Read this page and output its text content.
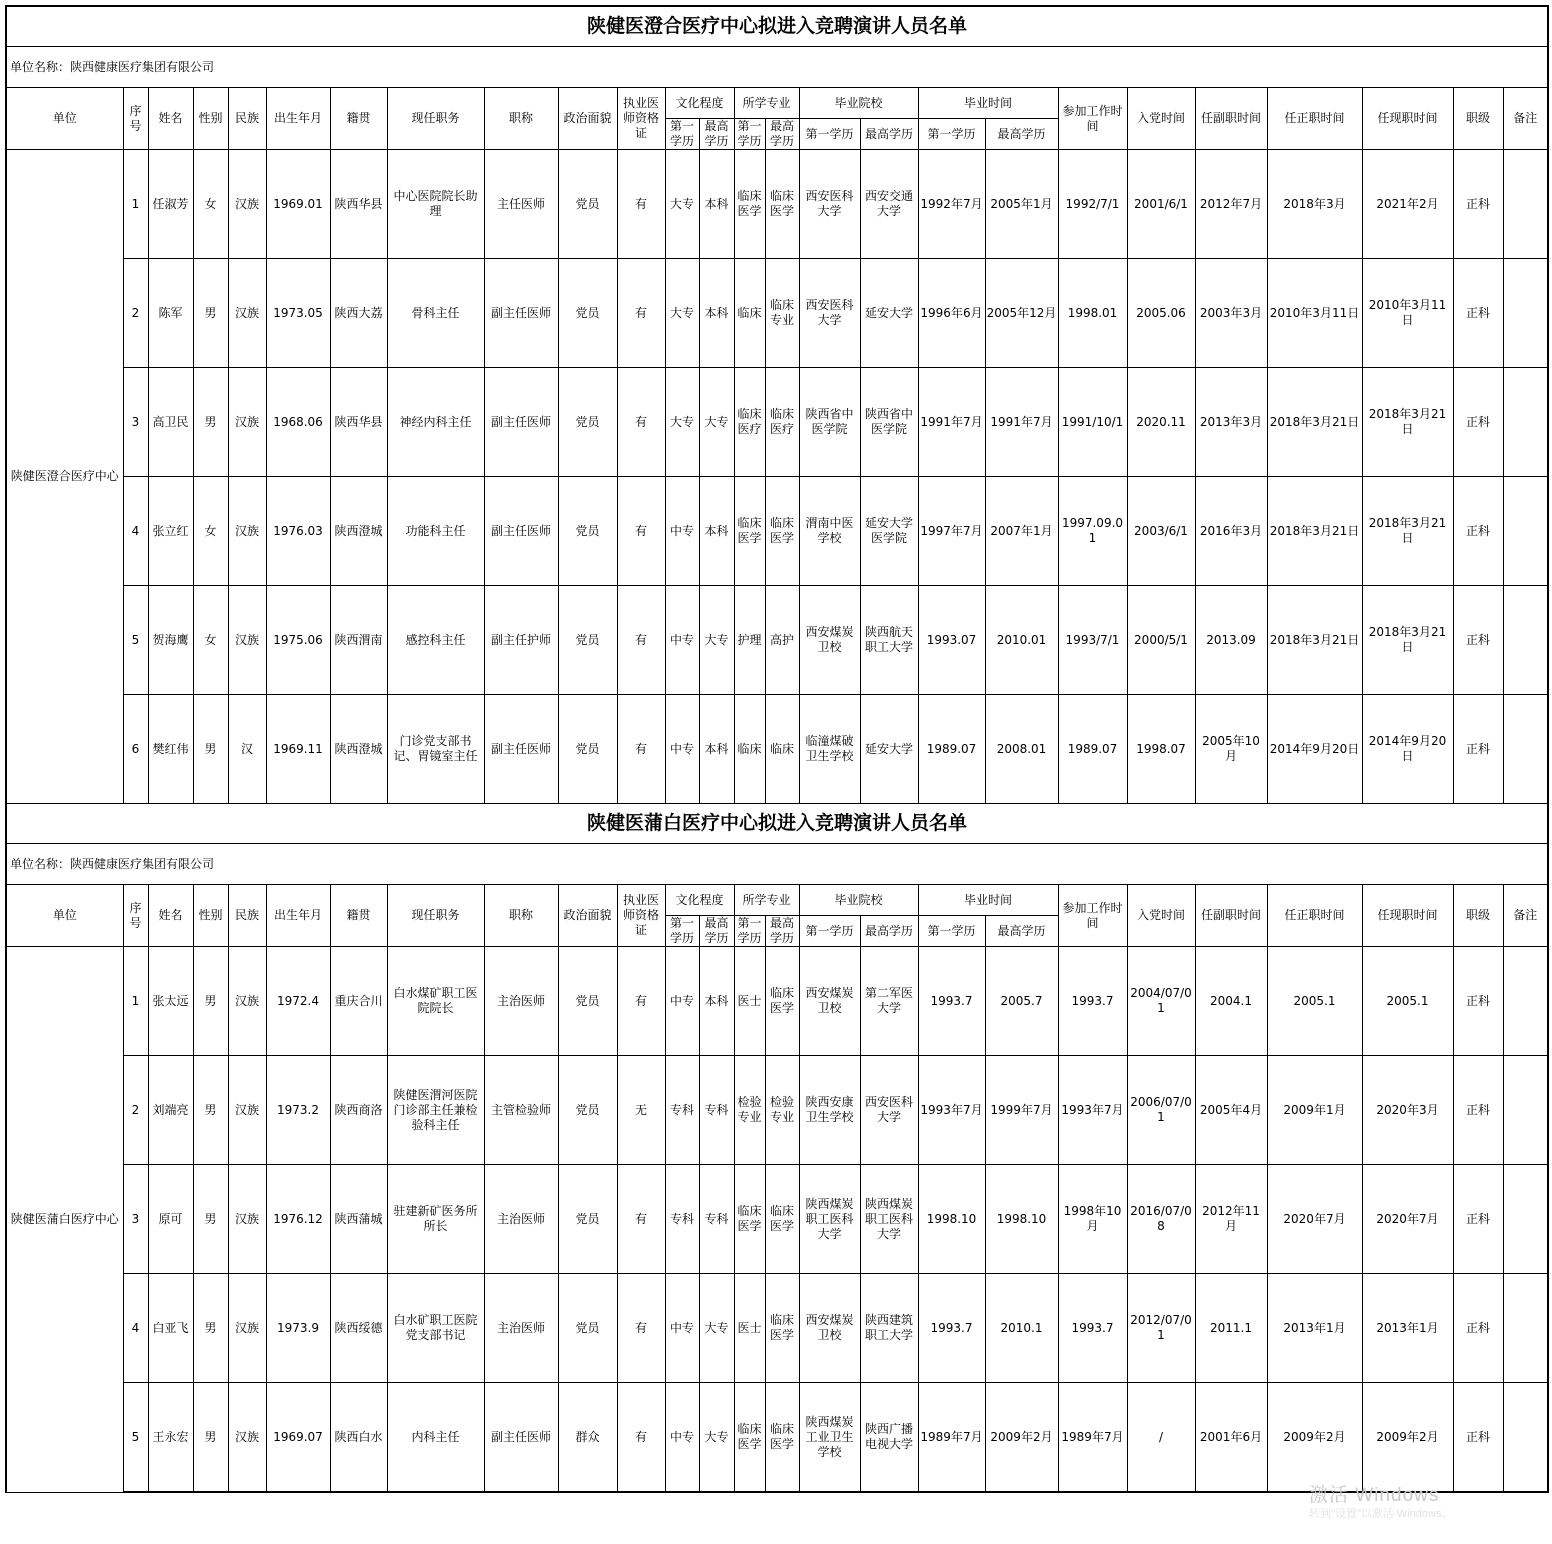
陕健医澄合医疗中心拟进入竞聘演讲人员名单																									
单位名称：陕西健康医疗集团有限公司																									
单位	序号	姓名	性别	民族	出生年月	籍贯	现任职务	职称	政治面貌	执业医师资格证	文化程度		所学专业		毕业院校		毕业时间		参加工作时间	入党时间	任副职时间	任正职时间	任现职时间	职级	备注
											第一学历	最高学历	第一学历	最高学历	第一学历	最高学历	第一学历	最高学历							
陕健医澄合医疗中心	1	任淑芳	女	汉族	1969.01	陕西华县	中心医院院长助理	主任医师	党员	有	大专	本科	临床医学	临床医学	西安医科大学	西安交通大学	1992年7月	2005年1月	1992/7/1	2001/6/1	2012年7月	2018年3月	2021年2月	正科	
	2	陈军	男	汉族	1973.05	陕西大荔	骨科主任	副主任医师	党员	有	大专	本科	临床	临床专业	西安医科大学	延安大学	1996年6月	2005年12月	1998.01	2005.06	2003年3月	2010年3月11日	2010年3月11日	正科	
	3	高卫民	男	汉族	1968.06	陕西华县	神经内科主任	副主任医师	党员	有	大专	大专	临床医疗	临床医疗	陕西省中医学院	陕西省中医学院	1991年7月	1991年7月	1991/10/1	2020.11	2013年3月	2018年3月21日	2018年3月21日	正科	
	4	张立红	女	汉族	1976.03	陕西澄城	功能科主任	副主任医师	党员	有	中专	本科	临床医学	临床医学	渭南中医学校	延安大学医学院	1997年7月	2007年1月	1997.09.01	2003/6/1	2016年3月	2018年3月21日	2018年3月21日	正科	
	5	贺海鹰	女	汉族	1975.06	陕西渭南	感控科主任	副主任护师	党员	有	中专	大专	护理	高护	西安煤炭卫校	陕西航天职工大学	1993.07	2010.01	1993/7/1	2000/5/1	2013.09	2018年3月21日	2018年3月21日	正科	
	6	樊红伟	男	汉	1969.11	陕西澄城	门诊党支部书记、胃镜室主任	副主任医师	党员	有	中专	本科	临床	临床	临潼煤破卫生学校	延安大学	1989.07	2008.01	1989.07	1998.07	2005年10月	2014年9月20日	2014年9月20日	正科	
陕健医蒲白医疗中心拟进入竞聘演讲人员名单																									
单位名称：陕西健康医疗集团有限公司																									
单位	序号	姓名	性别	民族	出生年月	籍贯	现任职务	职称	政治面貌	执业医师资格证	文化程度		所学专业		毕业院校		毕业时间		参加工作时间	入党时间	任副职时间	任正职时间	任现职时间	职级	备注
											第一学历	最高学历	第一学历	最高学历	第一学历	最高学历	第一学历	最高学历							
陕健医蒲白医疗中心	1	张太远	男	汉族	1972.4	重庆合川	白水煤矿职工医院院长	主治医师	党员	有	中专	本科	医士	临床医学	西安煤炭卫校	第二军医大学	1993.7	2005.7	1993.7	2004/07/01	2004.1	2005.1	2005.1	正科	
	2	刘端亮	男	汉族	1973.2	陕西商洛	陕健医渭河医院门诊部主任兼检验科主任	主管检验师	党员	无	专科	专科	检验专业	检验专业	陕西安康卫生学校	西安医科大学	1993年7月	1999年7月	1993年7月	2006/07/01	2005年4月	2009年1月	2020年3月	正科	
	3	原可	男	汉族	1976.12	陕西蒲城	驻建新矿医务所所长	主治医师	党员	有	专科	专科	临床医学	临床医学	陕西煤炭职工医科大学	陕西煤炭职工医科大学	1998.10	1998.10	1998年10月	2016/07/08	2012年11月	2020年7月	2020年7月	正科	
	4	白亚飞	男	汉族	1973.9	陕西绥德	白水矿职工医院党支部书记	主治医师	党员	有	中专	大专	医士	临床医学	西安煤炭卫校	陕西建筑职工大学	1993.7	2010.1	1993.7	2012/07/01	2011.1	2013年1月	2013年1月	正科	
	5	王永宏	男	汉族	1969.07	陕西白水	内科主任	副主任医师	群众	有	中专	大专	临床医学	临床医学	陕西煤炭工业卫生学校	陕西广播电视大学	1989年7月	2009年2月	1989年7月	/	2001年6月	2009年2月	2009年2月	正科	
激活 Windows
转到"设置"以激活 Windows。
